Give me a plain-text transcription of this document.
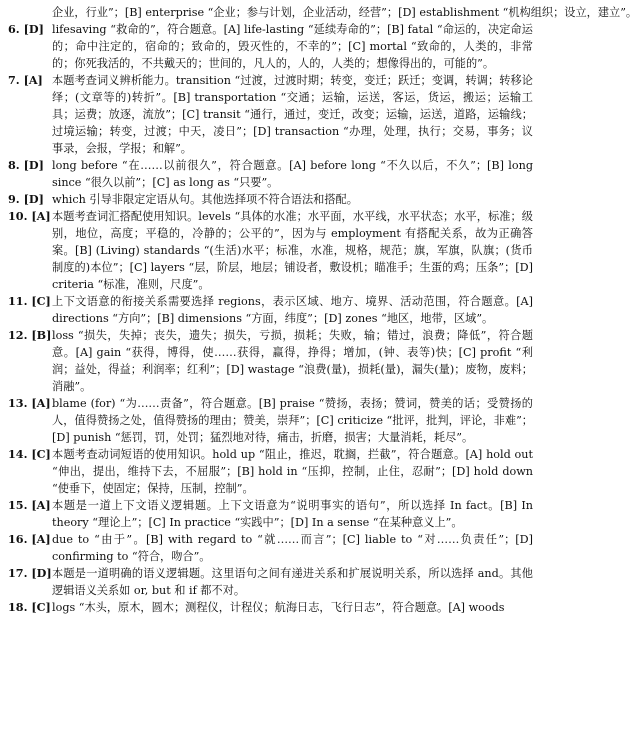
企业，行业”；[B] enterprise “企业；参与计划，企业活动，经营”；[D] establishment “机构组织；设立，建立”。
6. [D] lifesaving “救命的”，符合题意。[A] life-lasting “延续寿命的”；[B] fatal “命运的，决定命运的；命中注定的，宿命的；致命的，毁灭性的，不幸的”；[C] mortal “致命的，人类的，非常的；你死我活的，不共戴天的；世间的，凡人的，人的，人类的；想像得出的，可能的”。
7. [A] 本题考查词义辨析能力。transition “过渡，过渡时期；转变，变迁；跃迁；变调，转调；转移论绎；(文章等的)转折”。[B] transportation “交通；运输，运送，客运，货运，搬运；运输工具；运费；放逐，流放”；[C] transit “通行，通过，变迁，改变；运输，运送，道路，运输线；过境运输；转变，过渡；中天，凌日”；[D] transaction “办理，处理，执行；交易，事务；议事录，会报，学报；和解”。
8. [D] long before “在……以前很久”，符合题意。[A] before long “不久以后，不久”；[B] long since “很久以前”；[C] as long as “只要”。
9. [D] which 引导非限定定语从句。其他选择项不符合语法和搭配。
10. [A] 本题考查词汇搭配使用知识。levels “具体的水准；水平面，水平线，水平状态；水平，标准；级别，地位，高度；平稳的，冷静的；公平的”，因为与 employment 有搭配关系，故为正确答案。[B] (Living) standards “(生活)水平；标准，水准，规格，规范；旗，军旗，队旗；(货币制度的)本位”；[C] layers “层，阶层，地层；铺设者，敷设机；瞄准手；生蛋的鸡；压条”；[D] criteria “标准，准则，尺度”。
11. [C] 上下文语意的衔接关系需要选择 regions，表示区域、地方、境界、活动范围，符合题意。[A] directions “方向”；[B] dimensions “方面，纬度”；[D] zones “地区，地带，区域”。
12. [B] loss “损失，失掉；丧失，遗失；损失，亏损，损耗；失败，输；错过，浪费；降低”，符合题意。[A] gain “获得，博得，使……获得，赢得，挣得；增加，(钟、表等)快；[C] profit “利润；益处，得益；利润率；红利”；[D] wastage “浪费(量)，损耗(量)，漏失(量)；废物，废料；消融”。
13. [A] blame (for) “为……责备”，符合题意。[B] praise “赞扬，表扬；赞词，赞美的话；受赞扬的人，值得赞扬之处，值得赞扬的理由；赞美，崇拜”；[C] criticize “批评，批判，评论，非难”；[D] punish “惩罚，罚，处罚；猛烈地对待，痛击，折磨，损害；大量消耗，耗尽”。
14. [C] 本题考查动词短语的使用知识。hold up “阻止，推迟，耽搁，拦截”，符合题意。[A] hold out “伸出，提出，维持下去，不屈服”；[B] hold in “压抑，控制，止住，忍耐”；[D] hold down “使垂下，使固定；保持，压制，控制”。
15. [A] 本题是一道上下文语义逻辑题。上下文语意为“说明事实的语句”，所以选择 In fact。[B] In theory “理论上”；[C] In practice “实践中”；[D] In a sense “在某种意义上”。
16. [A] due to “由于”。[B] with regard to “就……而言”；[C] liable to “对……负责任”；[D] confirming to “符合，吻合”。
17. [D] 本题是一道明确的语义逻辑题。这里语句之间有递进关系和扩展说明关系，所以选择 and。其他逻辑语义关系如 or, but 和 if 都不对。
18. [C] logs “木头，原木，圆木；测程仪，计程仪；航海日志，飞行日志”，符合题意。[A] woods
